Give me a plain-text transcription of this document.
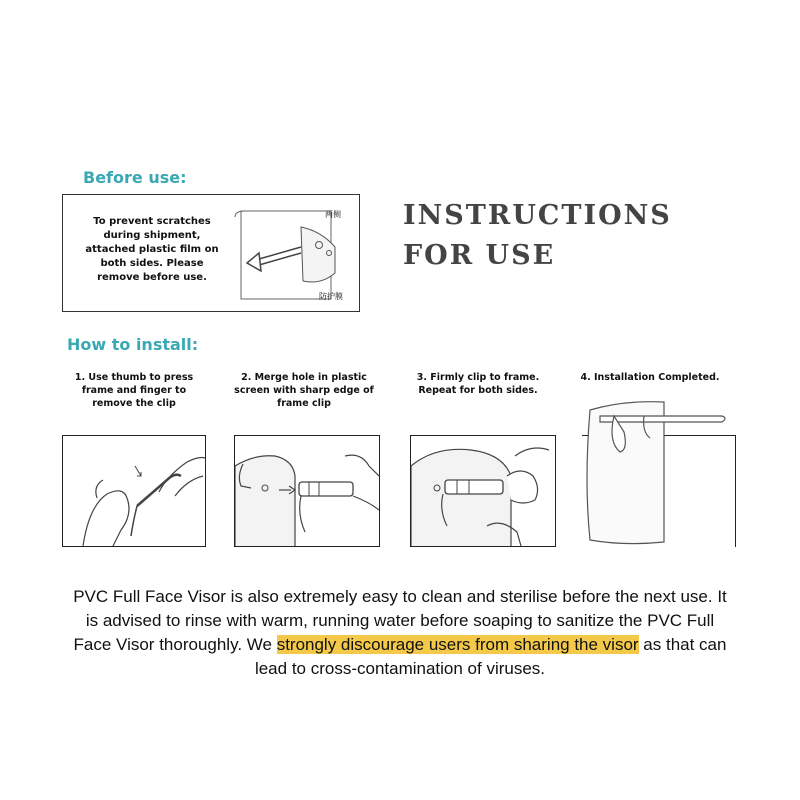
Before use:
To prevent scratches
during shipment,
attached plastic film on
both sides. Please
remove before use.
两侧
防护膜
INSTRUCTIONS
FOR USE
How to install:
1. Use thumb to press
frame and finger to
remove the clip
2. Merge hole in plastic
screen with sharp edge of
frame clip
3. Firmly clip to frame.
Repeat for both sides.
4. Installation Completed.
PVC Full Face Visor is also extremely easy to clean and sterilise before the next use. It
is advised to rinse with warm, running water before soaping to sanitize the PVC Full
Face Visor thoroughly. We strongly discourage users from sharing the visor as that can
lead to cross-contamination of viruses.
